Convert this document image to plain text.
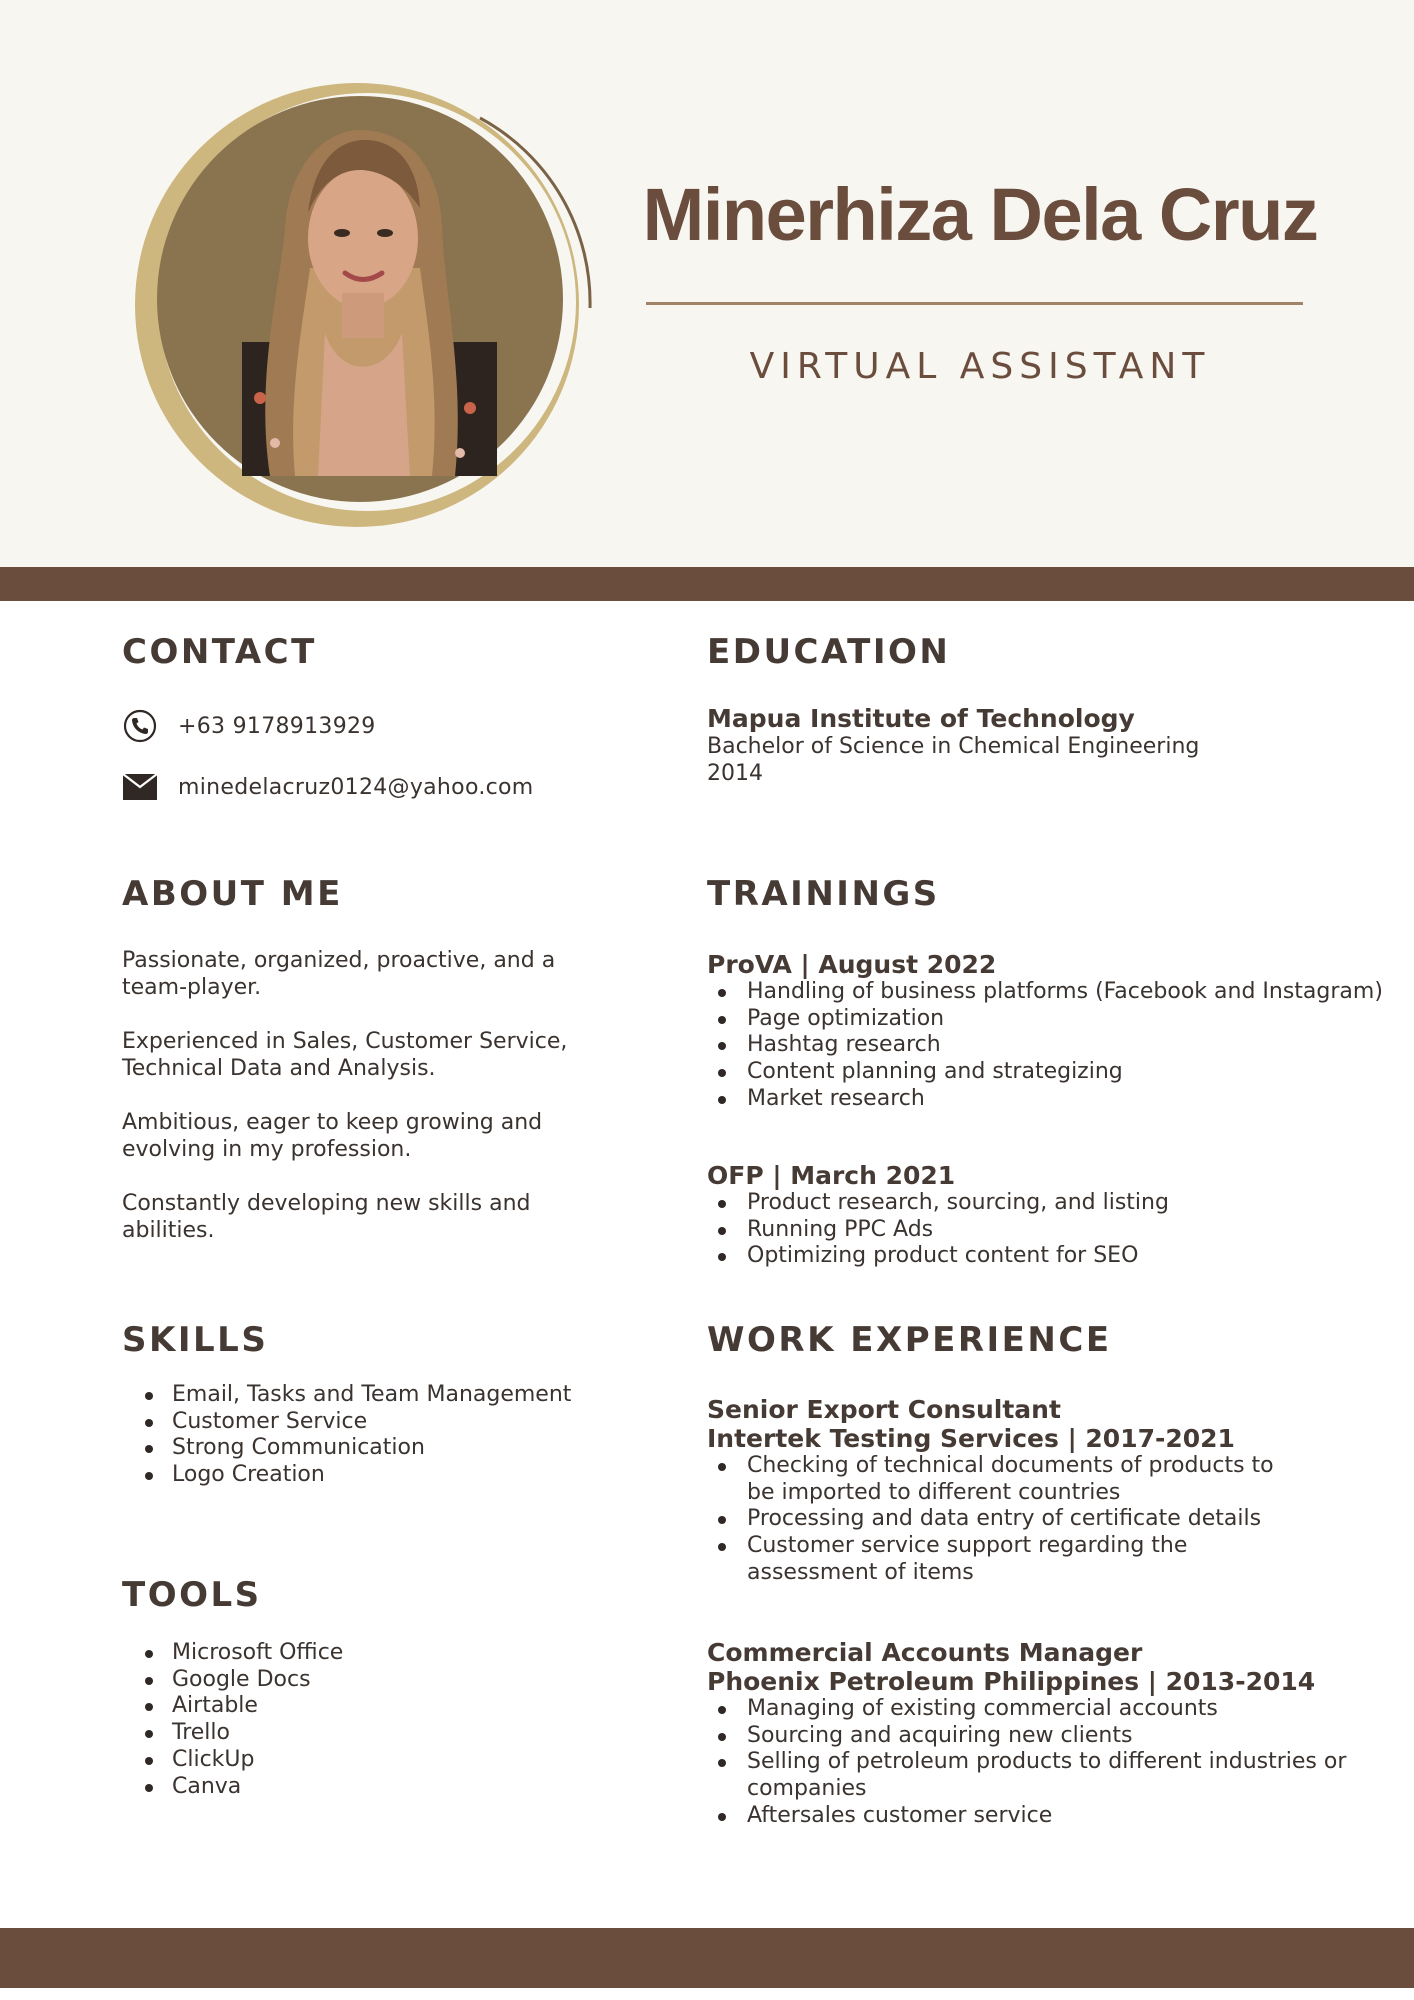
Minerhiza Dela Cruz
VIRTUAL ASSISTANT
CONTACT
+63 9178913929
minedelacruz0124@yahoo.com
ABOUT ME

Passionate, organized, proactive, and a team-player.

Experienced in Sales, Customer Service, Technical Data and Analysis.

Ambitious, eager to keep growing and evolving in my profession.

Constantly developing new skills and abilities.

SKILLS
Email, Tasks and Team Management
Customer Service
Strong Communication
Logo Creation
TOOLS
Microsoft Office
Google Docs
Airtable
Trello
ClickUp
Canva
EDUCATION
Mapua Institute of Technology
Bachelor of Science in Chemical Engineering
2014
TRAININGS
ProVA | August 2022
Handling of business platforms (Facebook and Instagram)
Page optimization
Hashtag research
Content planning and strategizing
Market research
OFP | March 2021
Product research, sourcing, and listing
Running PPC Ads
Optimizing product content for SEO
WORK EXPERIENCE
Senior Export Consultant
Intertek Testing Services | 2017-2021
Checking of technical documents of products to be imported to different countries
Processing and data entry of certificate details
Customer service support regarding the assessment of items
Commercial Accounts Manager
Phoenix Petroleum Philippines | 2013-2014
Managing of existing commercial accounts
Sourcing and acquiring new clients
Selling of petroleum products to different industries or companies
Aftersales customer service
